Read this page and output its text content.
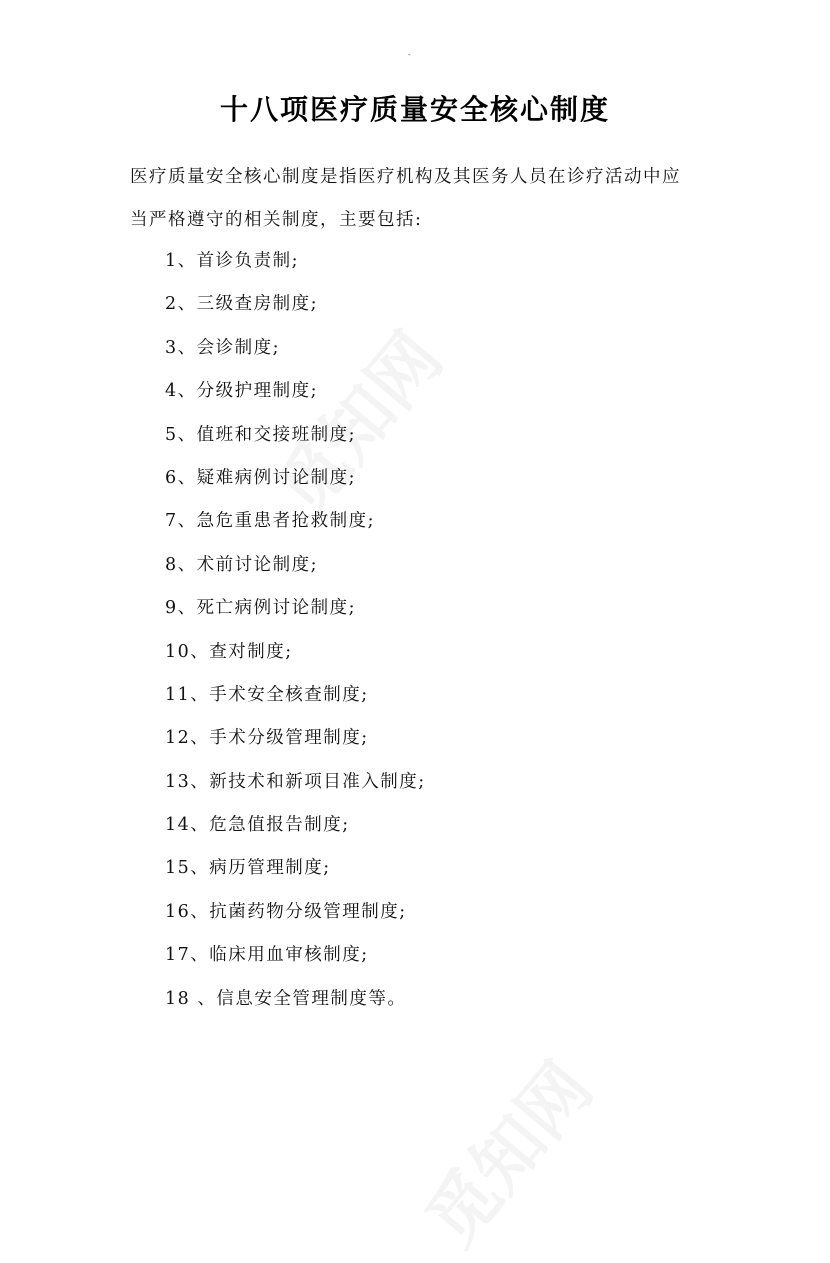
-
十八项医疗质量安全核心制度

医疗质量安全核心制度是指医疗机构及其医务人员在诊疗活动中应

当严格遵守的相关制度，主要包括:

1、首诊负责制;
2、三级查房制度;
3、会诊制度;
4、分级护理制度;
5、值班和交接班制度;
6、疑难病例讨论制度;
7、急危重患者抢救制度;
8、术前讨论制度;
9、死亡病例讨论制度;
10、查对制度;
11、手术安全核查制度;
12、手术分级管理制度;
13、新技术和新项目准入制度;
14、危急值报告制度;
15、病历管理制度;
16、抗菌药物分级管理制度;
17、临床用血审核制度;
18 、信息安全管理制度等。
